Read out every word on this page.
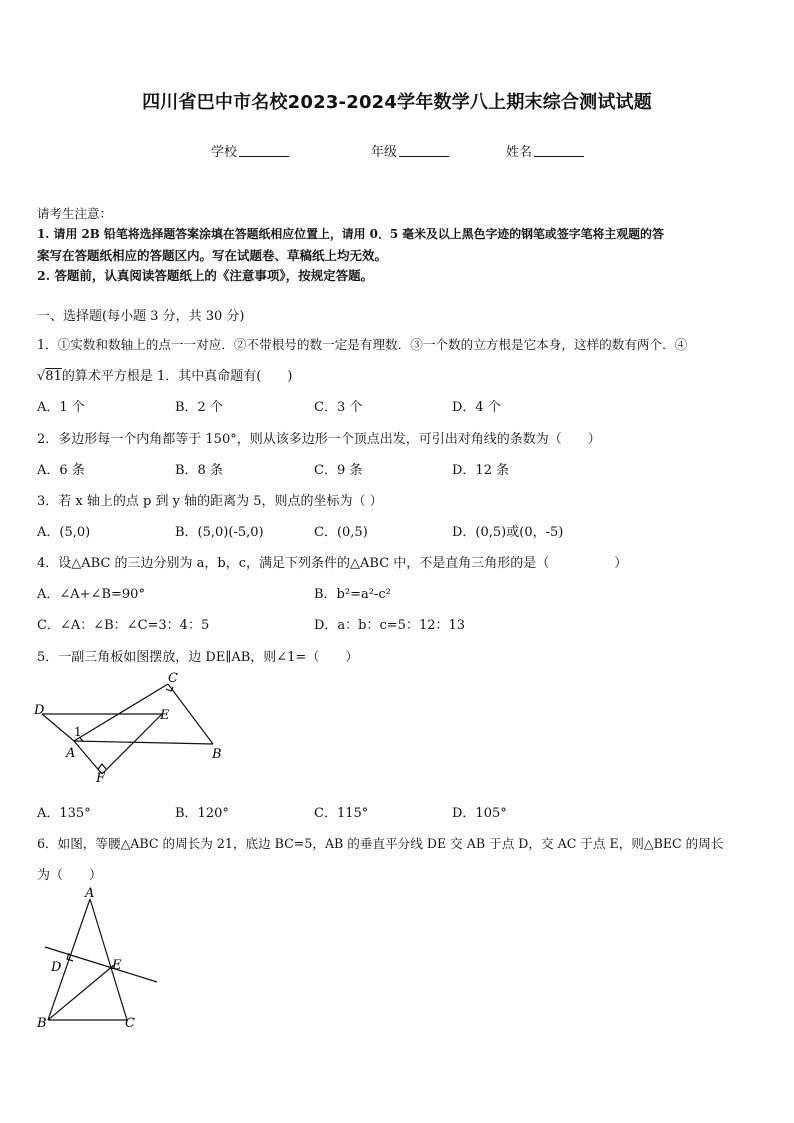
四川省巴中市名校2023-2024学年数学八上期末综合测试试题
学校	年级	姓名
请考生注意：
1. 请用 2B 铅笔将选择题答案涂填在答题纸相应位置上，请用 0．5 毫米及以上黑色字迹的钢笔或签字笔将主观题的答
案写在答题纸相应的答题区内。写在试题卷、草稿纸上均无效。
2. 答题前，认真阅读答题纸上的《注意事项》，按规定答题。
一、选择题(每小题 3 分，共 30 分)
1．①实数和数轴上的点一一对应．②不带根号的数一定是有理数．③一个数的立方根是它本身，这样的数有两个．④
√81的算术平方根是 1．其中真命题有(　　)
A．1 个	B．2 个	C．3 个	D．4 个
2．多边形每一个内角都等于 150°，则从该多边形一个顶点出发，可引出对角线的条数为（　　）
A．6 条	B．8 条	C．9 条	D．12 条
3．若 x 轴上的点 p 到 y 轴的距离为 5，则点的坐标为（ ）
A．(5,0)	B．(5,0)(-5,0)	C．(0,5)	D．(0,5)或(0，-5)
4．设△ABC 的三边分别为 a，b，c，满足下列条件的△ABC 中，不是直角三角形的是（　　　　　）
A．∠A+∠B=90°	B．b²=a²-c²
C．∠A：∠B：∠C=3：4：5	D．a：b：c=5：12：13
5．一副三角板如图摆放，边 DE∥AB，则∠1=（　　）
C
D	E
A	B
F
1
A．135°	B．120°	C．115°	D．105°
6．如图，等腰△ABC 的周长为 21，底边 BC=5，AB 的垂直平分线 DE 交 AB 于点 D，交 AC 于点 E，则△BEC 的周长
为（　　）
A
D	E
B	C
